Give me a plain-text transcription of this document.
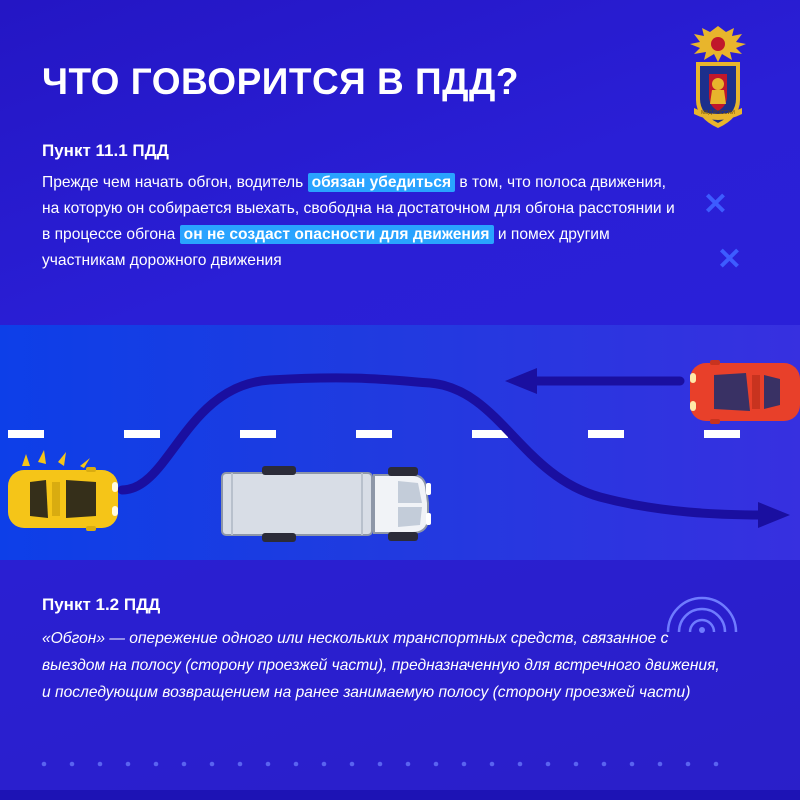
ЧТО ГОВОРИТСЯ В ПДД?
МВД РОССИИ
✕
✕
Пункт 11.1 ПДД
Прежде чем начать обгон, водитель обязан убедиться в том, что полоса движения, на которую он собирается выехать, свободна на достаточном для обгона расстоянии и в процессе обгона он не создаст опасности для движения и помех другим участникам дорожного движения
Пункт 1.2 ПДД
«Обгон» — опережение одного или нескольких транспортных средств, связанное с выездом на полосу (сторону проезжей части), предназначенную для встречного движения, и последующим возвращением на ранее занимаемую полосу (сторону проезжей части)
